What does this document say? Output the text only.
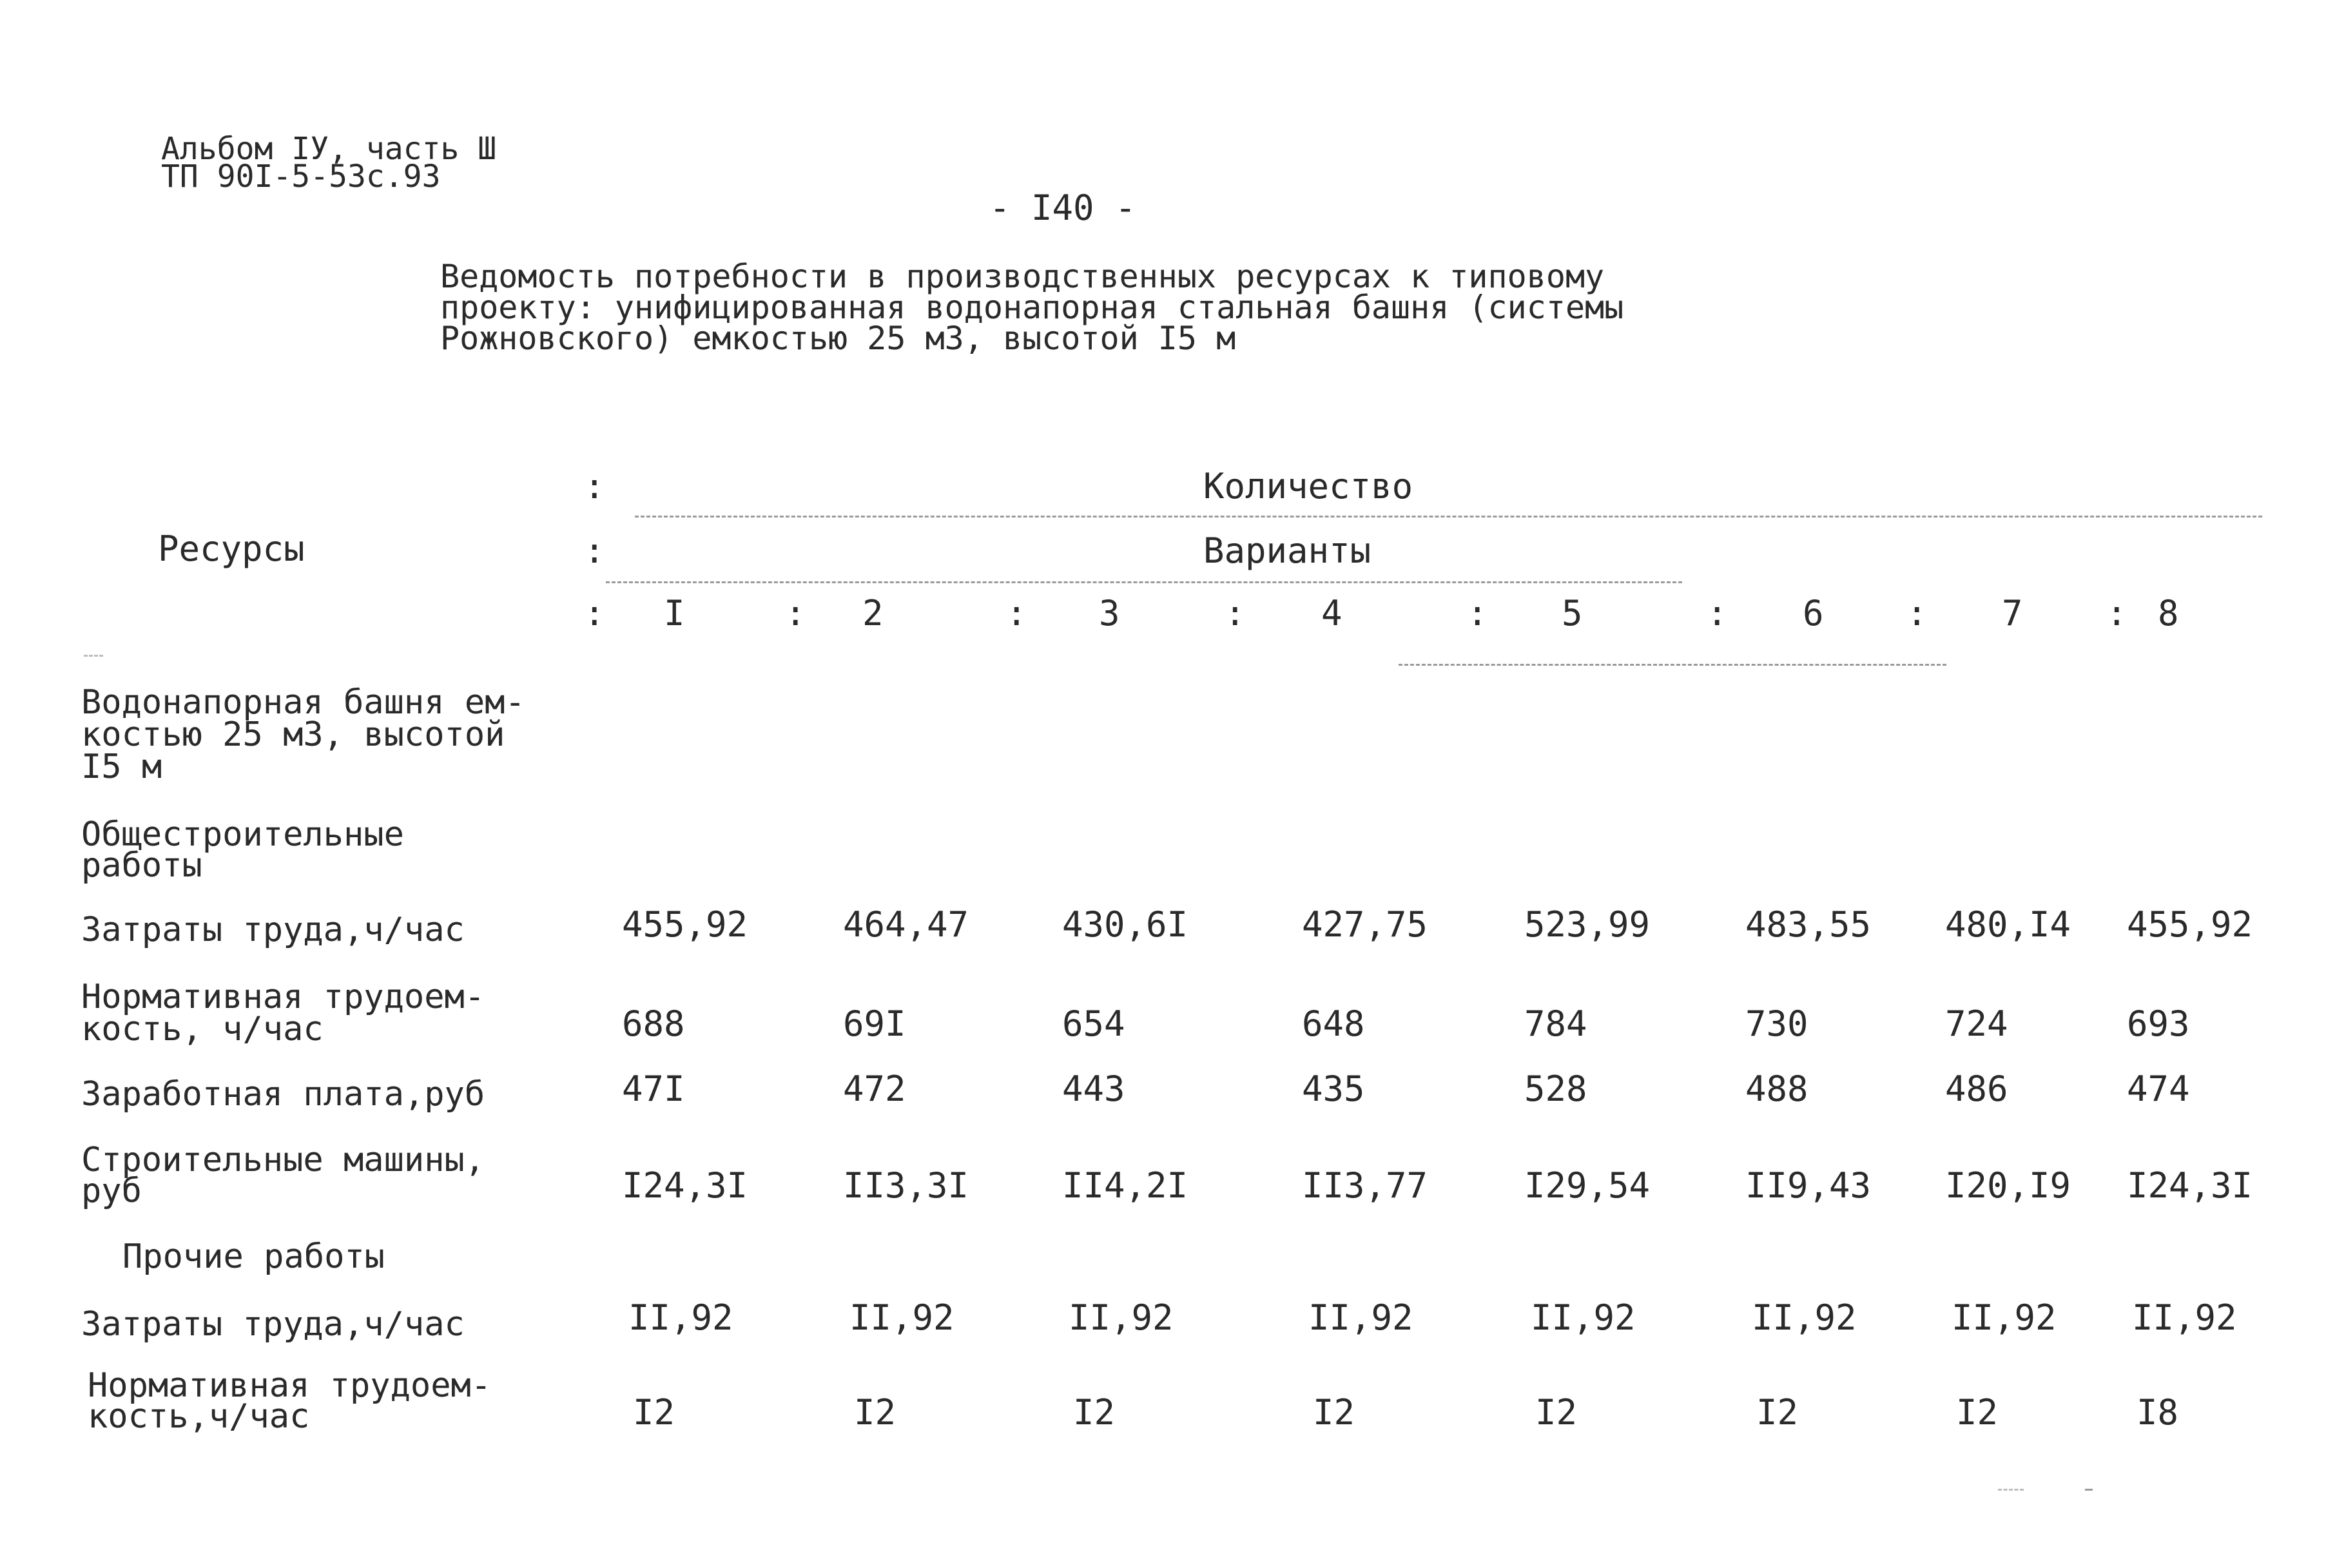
Альбом IУ, часть Ш
ТП 90I-5-53с.93
- I40 -
Ведомость потребности в производственных ресурсах к типовому
проекту: унифицированная водонапорная стальная башня (системы
Рожновского) емкостью 25 м3, высотой I5 м
Ресурсы
:	Количество
:	Варианты
: I	: 2	: 3	: 4	: 5	: 6 : 7 : 8
Водонапорная башня ем-
костью 25 м3, высотой
I5 м
Общестроительные
работы
Затраты труда,ч/час	455,92	464,47	430,6I	427,75	523,99	483,55 480,I4 455,92
Нормативная трудоем-
кость, ч/час	688	69I	654	648	784	730	724	693
Заработная плата,руб	47I	472	443	435	528	488	486	474
Строительные машины,
руб	I24,3I	II3,3I	II4,2I	II3,77	I29,54	II9,43 I20,I9 I24,3I
Прочие работы
Затраты труда,ч/час	II,92	II,92	II,92	II,92	II,92	II,92	II,92 II,92
Нормативная трудоем-
кость,ч/час	I2	I2	I2	I2	I2	I2	I2	I8
